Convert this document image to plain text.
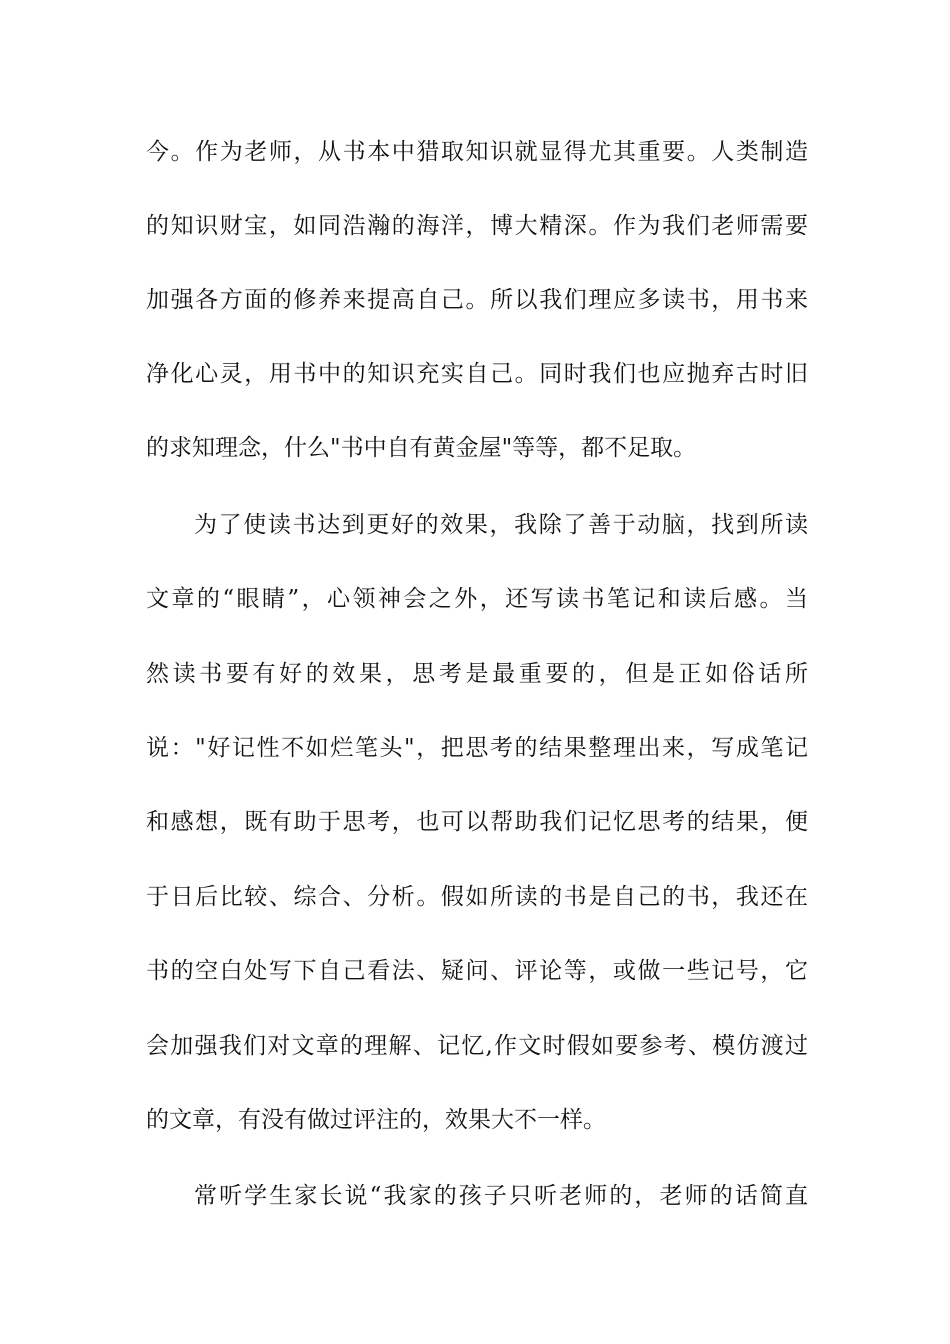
今。作为老师，从书本中猎取知识就显得尤其重要。人类制造
的知识财宝，如同浩瀚的海洋，博大精深。作为我们老师需要
加强各方面的修养来提高自己。所以我们理应多读书，用书来
净化心灵，用书中的知识充实自己。同时我们也应抛弃古时旧
的求知理念，什么"书中自有黄金屋"等等，都不足取。
为了使读书达到更好的效果，我除了善于动脑，找到所读
文章的“眼睛”，心领神会之外，还写读书笔记和读后感。当
然读书要有好的效果，思考是最重要的，但是正如俗话所
说："好记性不如烂笔头"，把思考的结果整理出来，写成笔记
和感想，既有助于思考，也可以帮助我们记忆思考的结果，便
于日后比较、综合、分析。假如所读的书是自己的书，我还在
书的空白处写下自己看法、疑问、评论等，或做一些记号，它
会加强我们对文章的理解、记忆,作文时假如要参考、模仿渡过
的文章，有没有做过评注的，效果大不一样。
常听学生家长说“我家的孩子只听老师的，老师的话简直
